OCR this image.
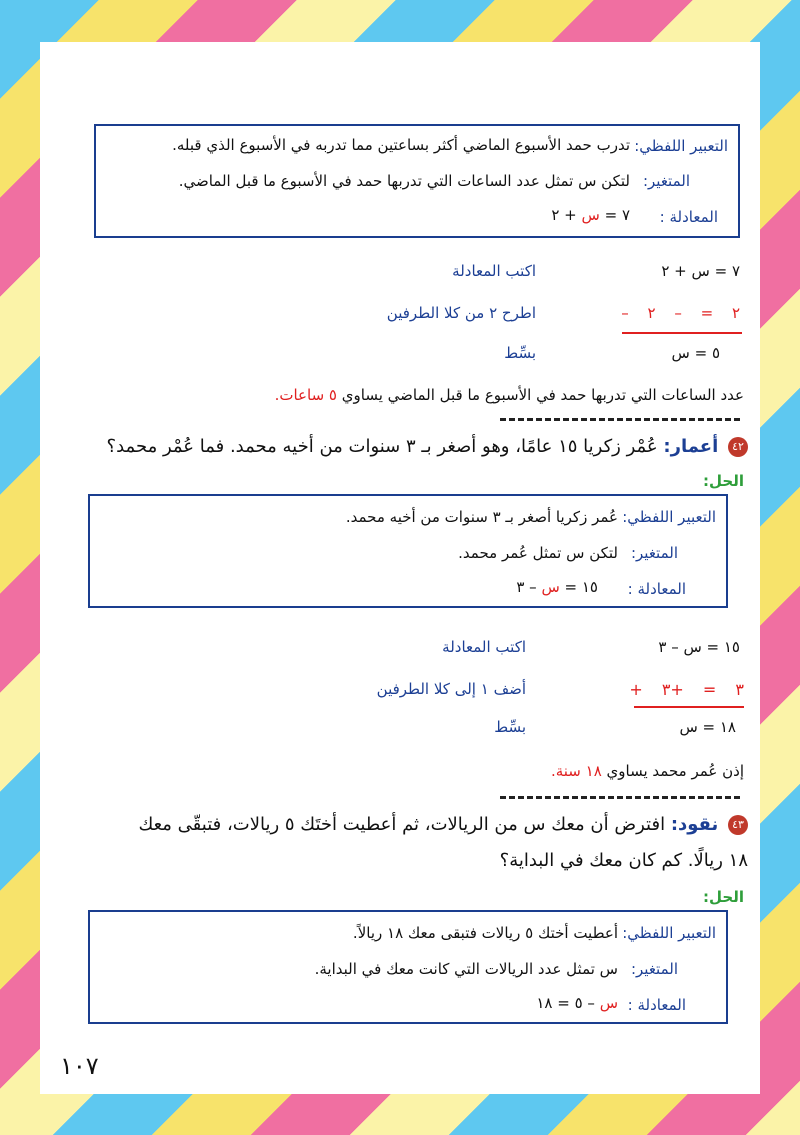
التعبير اللفظي:
تدرب حمد الأسبوع الماضي أكثر بساعتين مما تدربه في الأسبوع الذي قبله.
المتغير:
لتكن س تمثل عدد الساعات التي تدربها حمد في الأسبوع ما قبل الماضي.
المعادلة :
٧ = س + ٢
٧ = س + ٢
اكتب المعادلة
– ٢ = – ٢
اطرح ٢ من كلا الطرفين
٥ = س
بسِّط
عدد الساعات التي تدربها حمد في الأسبوع ما قبل الماضي يساوي ٥ ساعات.
٤٢ أعمار: عُمْر زكريا ١٥ عامًا، وهو أصغر بـ ٣ سنوات من أخيه محمد. فما عُمْر محمد؟
الحل:
التعبير اللفظي:
عُمر زكريا أصغر بـ ٣ سنوات من أخيه محمد.
المتغير:
لتكن س تمثل عُمر محمد.
المعادلة :
١٥ = س – ٣
١٥ = س – ٣
اكتب المعادلة
+ ٣ = +٣
أضف ١ إلى كلا الطرفين
١٨ = س
بسِّط
إذن عُمر محمد يساوي ١٨ سنة.
٤٣ نقود: افترض أن معك س من الريالات، ثم أعطيت أختَك ٥ ريالات، فتبقّى معك
١٨ ريالًا. كم كان معك في البداية؟
الحل:
التعبير اللفظي:
أعطيت أختك ٥ ريالات فتبقى معك ١٨ ريالاً.
المتغير:
س تمثل عدد الريالات التي كانت معك في البداية.
المعادلة :
س – ٥ = ١٨
١٠٧
